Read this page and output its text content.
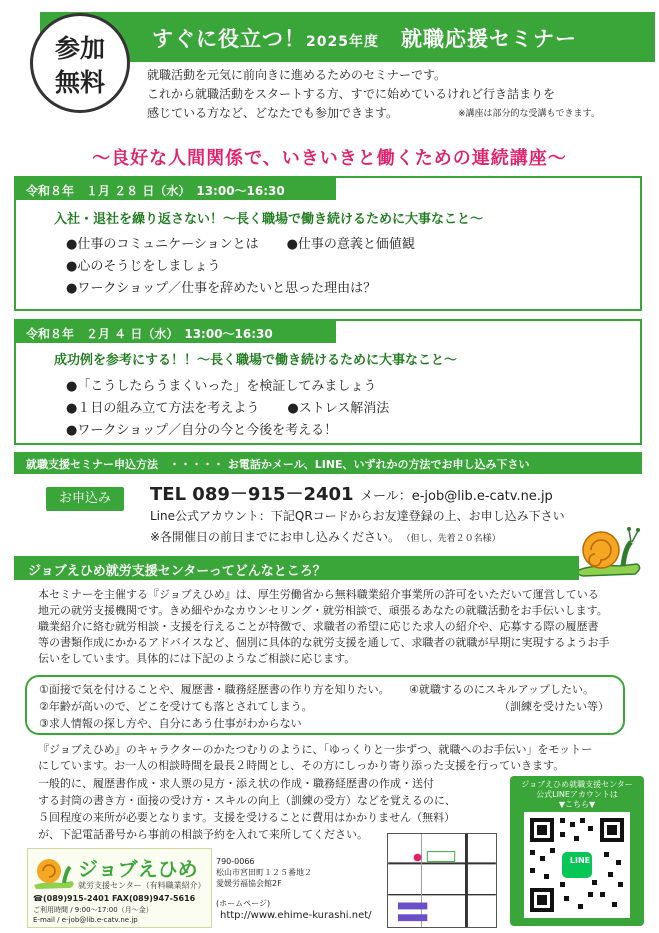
すぐに役立つ！2025年度　 就職応援セミナー
参加
無料	就職活動を元気に前向きに進めるためのセミナーです。
これから就職活動をスタートする方、すでに始めているけれど行き詰まりを
感じている方など、どなたでも参加できます。	※講座は部分的な受講もできます。
～良好な人間関係で、いきいきと働くための連続講座～
令和８年　１月 ２８ 日（水）　13:00～16:30
入社・退社を繰り返さない！～長く職場で働き続けるために大事なこと～
●仕事のコミュニケーションとは ●仕事の意義と価値観
●心のそうじをしましょう
●ワークショップ／仕事を辞めたいと思った理由は？
令和８年　２月 ４ 日（水）　13:00～16:30
成功例を参考にする！！～長く職場で働き続けるために大事なこと～
●「こうしたらうまくいった」を検証してみましょう
●１日の組み立て方法を考えよう ●ストレス解消法
●ワークショップ／自分の今と今後を考える！
就職支援セミナー申込方法　・・・・・ お電話かメール、LINE、いずれかの方法でお申し込み下さい
お申込み	TEL 089－915－2401 メール：e-job@lib.e-catv.ne.jp
Line公式アカウント：下記QRコードからお友達登録の上、お申し込み下さい
※各開催日の前日までにお申し込みください。　 （但し、先着２０名様）
ジョブえひめ就労支援センターってどんなところ？
本セミナーを主催する『ジョブえひめ』は、厚生労働省から無料職業紹介事業所の許可をいただいて運営している
地元の就労支援機関です。きめ細やかなカウンセリング・就労相談で、頑張るあなたの就職活動をお手伝いします。
職業紹介に絡む就労相談・支援を行えることが特徴で、求職者の希望に応じた求人の紹介や、応募する際の履歴書
等の書類作成にかかるアドバイスなど、個別に具体的な就労支援を通して、求職者の就職が早期に実現するようお手
伝いをしています。具体的には下記のようなご相談に応じます。
①面接で気を付けることや、履歴書・職務経歴書の作り方を知りたい。 ④就職するのにスキルアップしたい。
②年齢が高いので、どこを受けても落とされてしまう。	（訓練を受けたい等）
③求人情報の探し方や、自分にあう仕事がわからない
『ジョブえひめ』のキャラクターのかたつむりのように、「ゆっくりと一歩ずつ、就職へのお手伝い」をモットー
にしています。お一人の相談時間を最長２時間とし、その方にしっかり寄り添った支援を行っていきます。
一般的に、履歴書作成・求人票の見方・添え状の作成・職務経歴書の作成・送付
する封筒の書き方・面接の受け方・スキルの向上（訓練の受方）などを覚えるのに、
５回程度の来所が必要となります。支援を受けることに費用はかかりません（無料）
が、下記電話番号から事前の相談予約を入れて来所してください。
ジョブえひめ就職支援センター
公式LINEアカウントは
▼こちら▼
LINE
ジョブえひめ
就労支援センター（有料職業紹介）
☎(089)915-2401 FAX(089)947-5616
ご利用時間 / 9:00～17:00（月～金）
E-mail / e-job@lib.e-catv.ne.jp
790-0066
松山市宮田町１２５番地２
愛媛労福協会館2F
(ホームページ)
http://www.ehime-kurashi.net/
